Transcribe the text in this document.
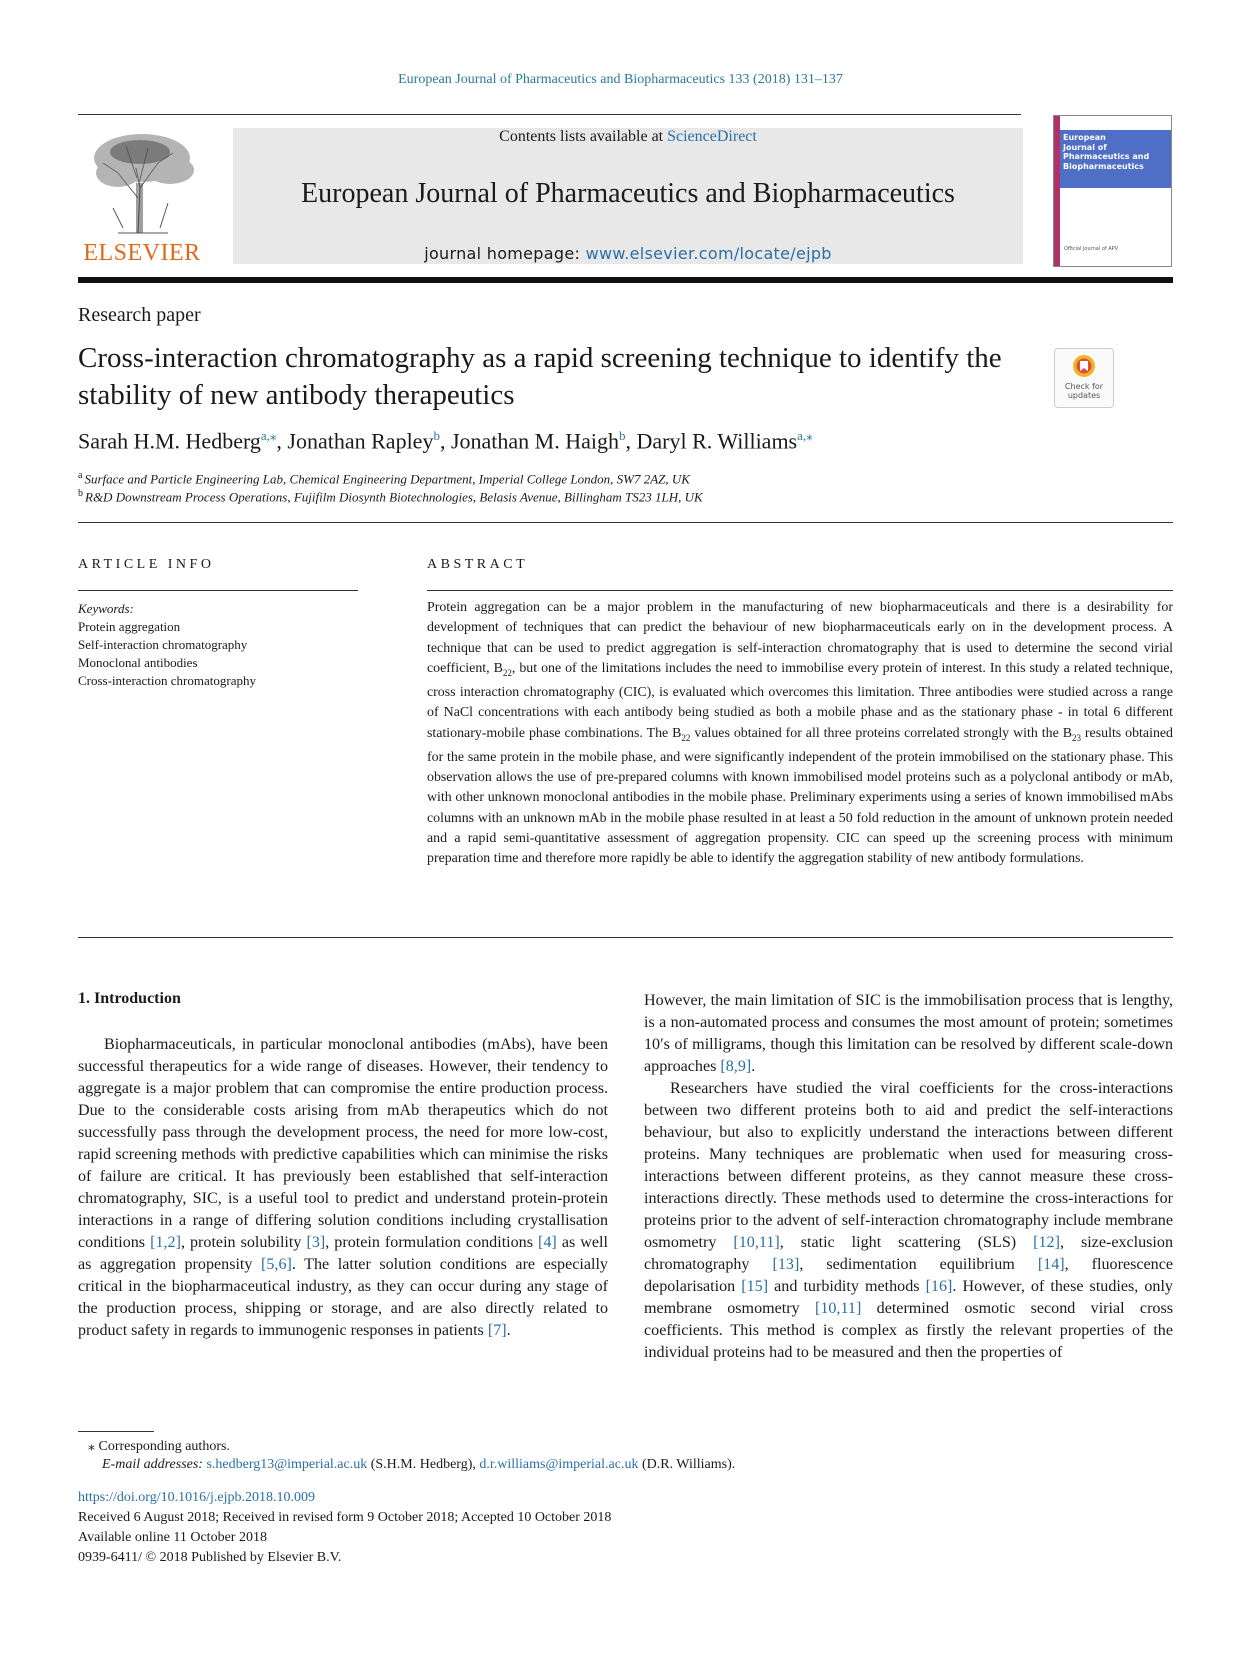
European Journal of Pharmaceutics and Biopharmaceutics 133 (2018) 131–137
Contents lists available at ScienceDirect
European Journal of Pharmaceutics and Biopharmaceutics
journal homepage: www.elsevier.com/locate/ejpb
ELSEVIER
European
Journal of
Pharmaceutics and
Biopharmaceutics
Official Journal of APV
Research paper
Cross-interaction chromatography as a rapid screening technique to identify the stability of new antibody therapeutics	Check for
updates
Sarah H.M. Hedberg$^{a,⁎}$, Jonathan Rapley$^b$, Jonathan M. Haigh$^b$, Daryl R. Williams$^{a,⁎}$
$^a$ Surface and Particle Engineering Lab, Chemical Engineering Department, Imperial College London, SW7 2AZ, UK
$^b$ R&D Downstream Process Operations, Fujifilm Diosynth Biotechnologies, Belasis Avenue, Billingham TS23 1LH, UK
ARTICLE INFO	ABSTRACT
Keywords:
Protein aggregation
Self-interaction chromatography
Monoclonal antibodies
Cross-interaction chromatography
Protein aggregation can be a major problem in the manufacturing of new biopharmaceuticals and there is a desirability for development of techniques that can predict the behaviour of new biopharmaceuticals early on in the development process. A technique that can be used to predict aggregation is self-interaction chromatography that is used to determine the second virial coefficient, $B_{22}$, but one of the limitations includes the need to immobilise every protein of interest. In this study a related technique, cross interaction chromatography (CIC), is evaluated which overcomes this limitation. Three antibodies were studied across a range of NaCl concentrations with each antibody being studied as both a mobile phase and as the stationary phase - in total 6 different stationary-mobile phase combinations. The $B_{22}$ values obtained for all three proteins correlated strongly with the $B_{23}$ results obtained for the same protein in the mobile phase, and were significantly independent of the protein immobilised on the stationary phase. This observation allows the use of pre-prepared columns with known immobilised model proteins such as a polyclonal antibody or mAb, with other unknown monoclonal antibodies in the mobile phase. Preliminary experiments using a series of known immobilised mAbs columns with an unknown mAb in the mobile phase resulted in at least a 50 fold reduction in the amount of unknown protein needed and a rapid semi-quantitative assessment of aggregation propensity. CIC can speed up the screening process with minimum preparation time and therefore more rapidly be able to identify the aggregation stability of new antibody formulations.
1. Introduction
Biopharmaceuticals, in particular monoclonal antibodies (mAbs), have been successful therapeutics for a wide range of diseases. However, their tendency to aggregate is a major problem that can compromise the entire production process. Due to the considerable costs arising from mAb therapeutics which do not successfully pass through the development process, the need for more low-cost, rapid screening methods with predictive capabilities which can minimise the risks of failure are critical. It has previously been established that self-interaction chromatography, SIC, is a useful tool to predict and understand protein-protein interactions in a range of differing solution conditions including crystallisation conditions [1,2], protein solubility [3], protein formulation conditions [4] as well as aggregation propensity [5,6]. The latter solution conditions are especially critical in the biopharmaceutical industry, as they can occur during any stage of the production process, shipping or storage, and are also directly related to product safety in regards to immunogenic responses in patients [7].

However, the main limitation of SIC is the immobilisation process that is lengthy, is a non-automated process and consumes the most amount of protein; sometimes 10′s of milligrams, though this limitation can be resolved by different scale-down approaches [8,9].

Researchers have studied the viral coefficients for the cross-interactions between two different proteins both to aid and predict the self-interactions behaviour, but also to explicitly understand the interactions between different proteins. Many techniques are problematic when used for measuring cross-interactions between different proteins, as they cannot measure these cross-interactions directly. These methods used to determine the cross-interactions for proteins prior to the advent of self-interaction chromatography include membrane osmometry [10,11], static light scattering (SLS) [12], size-exclusion chromatography [13], sedimentation equilibrium [14], fluorescence depolarisation [15] and turbidity methods [16]. However, of these studies, only membrane osmometry [10,11] determined osmotic second virial cross coefficients. This method is complex as firstly the relevant properties of the individual proteins had to be measured and then the properties of

⁎ Corresponding authors.
E-mail addresses: s.hedberg13@imperial.ac.uk (S.H.M. Hedberg), d.r.williams@imperial.ac.uk (D.R. Williams).
https://doi.org/10.1016/j.ejpb.2018.10.009
Received 6 August 2018; Received in revised form 9 October 2018; Accepted 10 October 2018
Available online 11 October 2018
0939-6411/ © 2018 Published by Elsevier B.V.
